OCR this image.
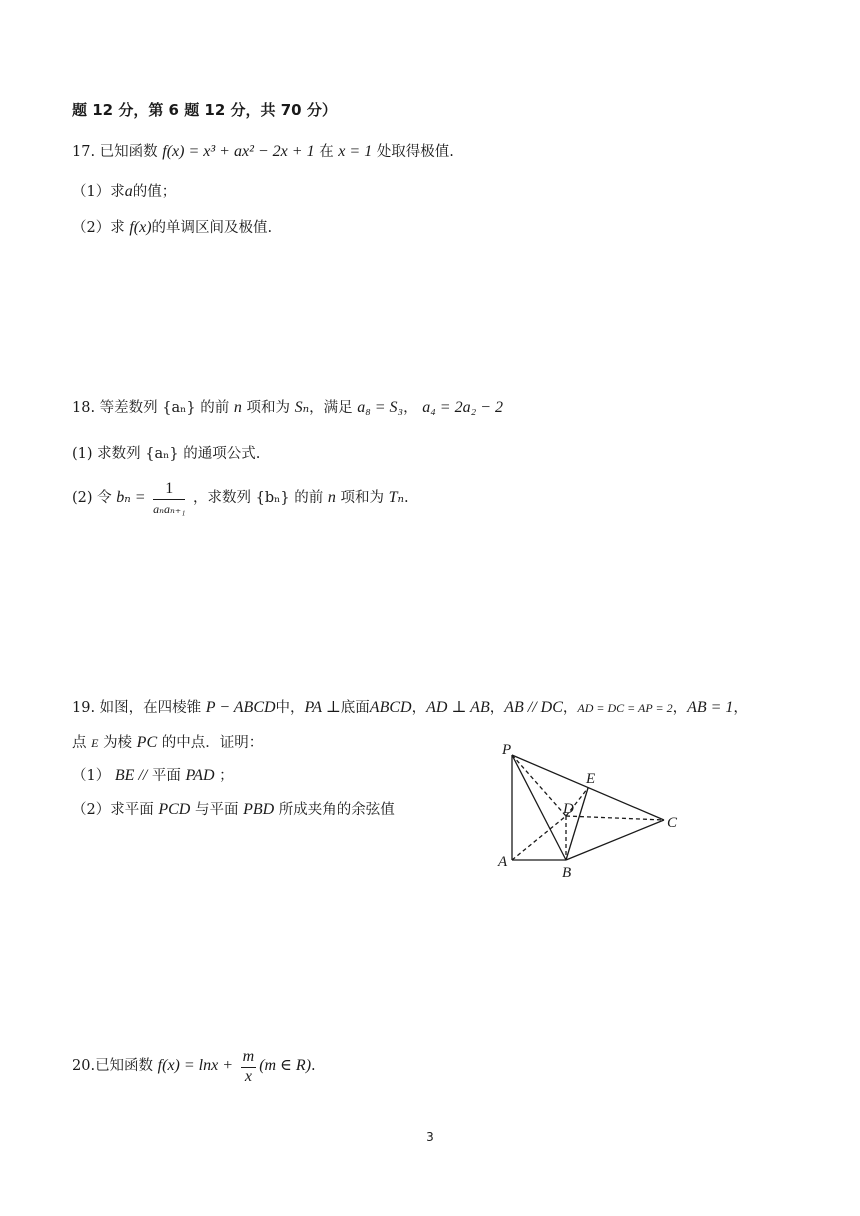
题 12 分，第 6 题 12 分，共 70 分）
17. 已知函数 f(x) = x³ + ax² − 2x + 1 在 x = 1 处取得极值.
（1）求a的值；
（2）求 f(x)的单调区间及极值.
18. 等差数列 {aₙ} 的前 n 项和为 Sₙ，满足 a₈ = S₃， a₄ = 2a₂ − 2
(1) 求数列 {aₙ} 的通项公式.
(2) 令 $b_n = \frac{1}{\text{aₙaₙ₊₁}}$ ，求数列 {bₙ} 的前 n 项和为 Tₙ.
19. 如图，在四棱锥 P − ABCD中，PA ⊥底面ABCD，AD ⊥ AB，AB // DC，AD = DC = AP = 2，AB = 1，
点 E 为棱 PC 的中点．证明：
（1） BE // 平面 PAD ；
（2）求平面 PCD 与平面 PBD 所成夹角的余弦值
P
E
D
C
A
B
20.已知函数 $f(x) = \ln x + \frac{m}{x} (m$ ∈ R).
3
